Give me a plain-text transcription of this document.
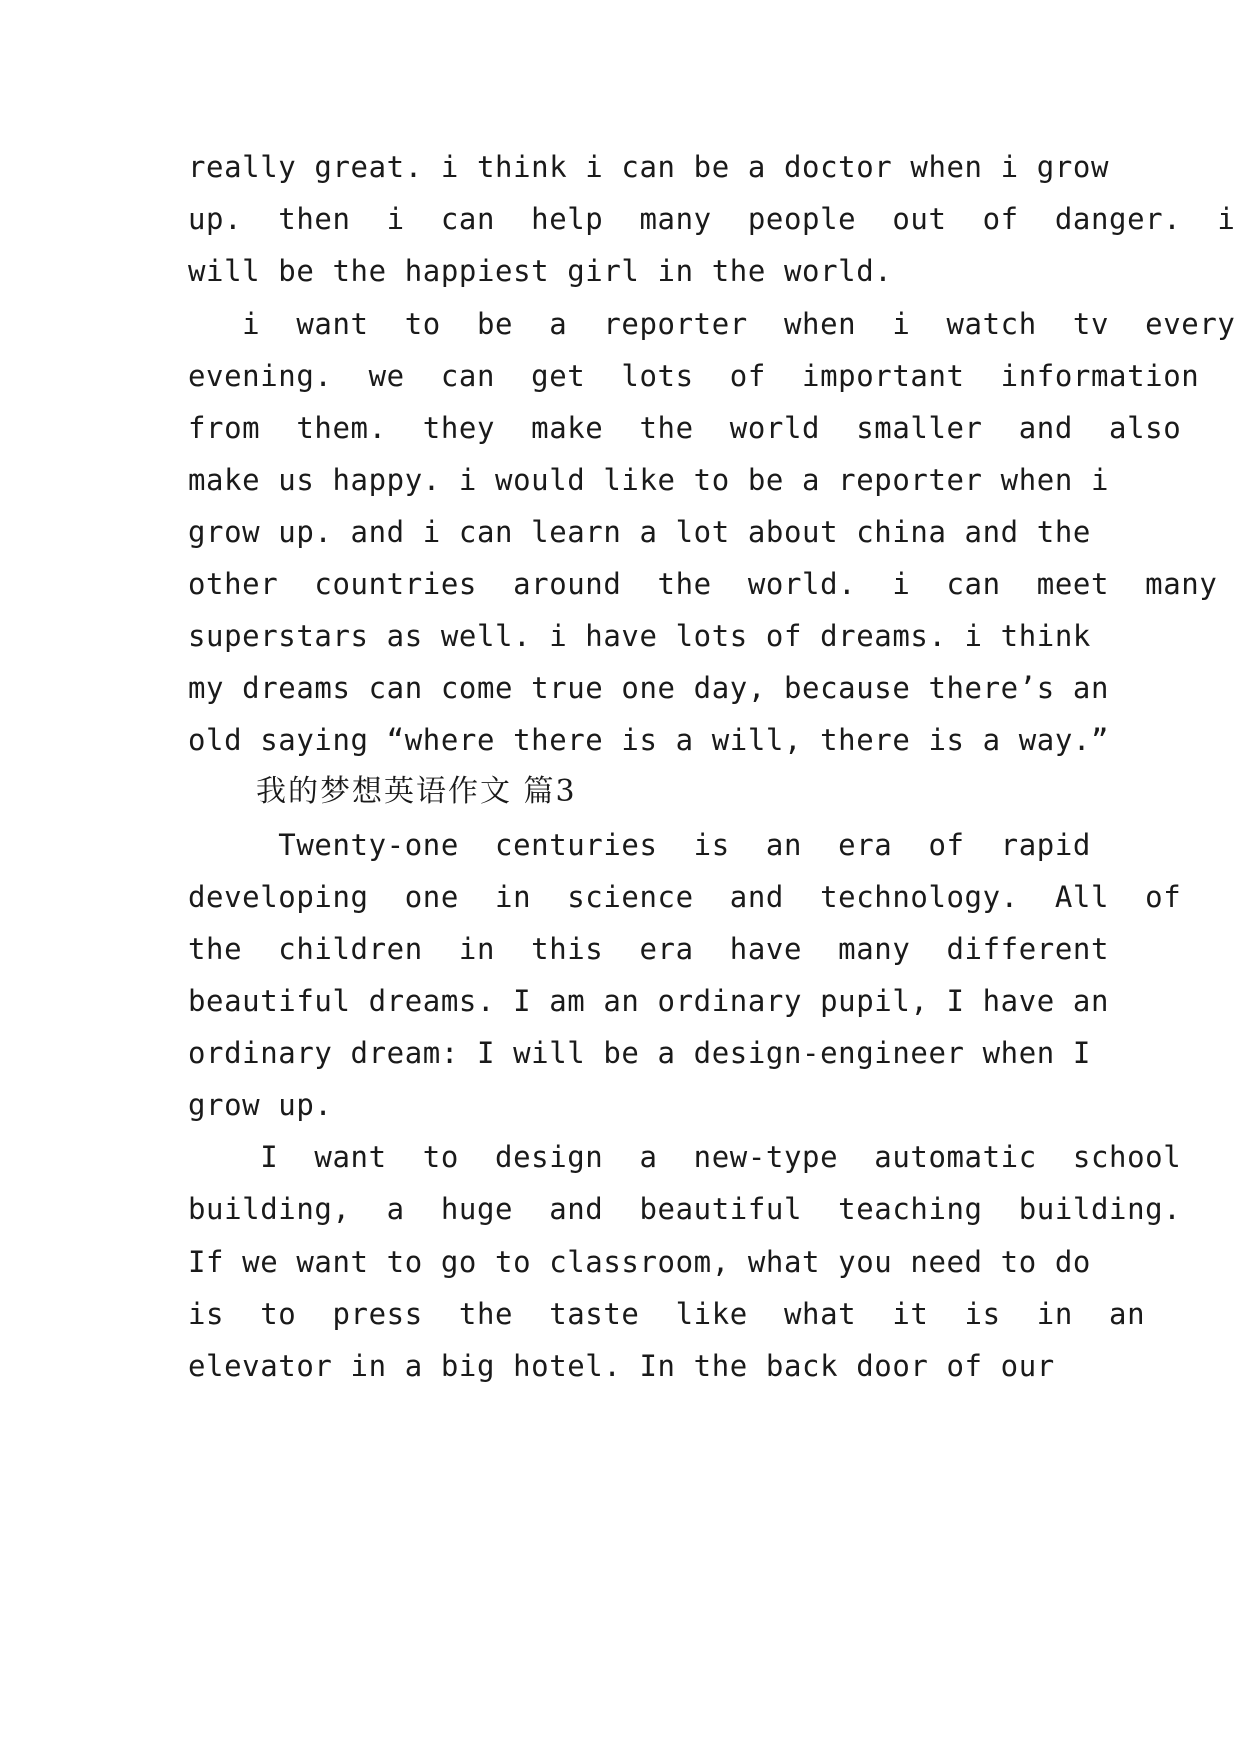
really great. i think i can be a doctor when i grow
up.  then  i  can  help  many  people  out  of  danger.  i
will be the happiest girl in the world.
i  want  to  be  a  reporter  when  i  watch  tv  every
evening.  we  can  get  lots  of  important  information
from  them.  they  make  the  world  smaller  and  also
make us happy. i would like to be a reporter when i
grow up. and i can learn a lot about china and the
other  countries  around  the  world.  i  can  meet  many
superstars as well. i have lots of dreams. i think
my dreams can come true one day, because there’s an
old saying “where there is a will, there is a way.”
我的梦想英语作文 篇3
Twenty-one  centuries  is  an  era  of  rapid
developing  one  in  science  and  technology.  All  of
the  children  in  this  era  have  many  different
beautiful dreams. I am an ordinary pupil, I have an
ordinary dream: I will be a design-engineer when I
grow up.
I  want  to  design  a  new-type  automatic  school
building,  a  huge  and  beautiful  teaching  building.
If we want to go to classroom, what you need to do
is  to  press  the  taste  like  what  it  is  in  an
elevator in a big hotel. In the back door of our
